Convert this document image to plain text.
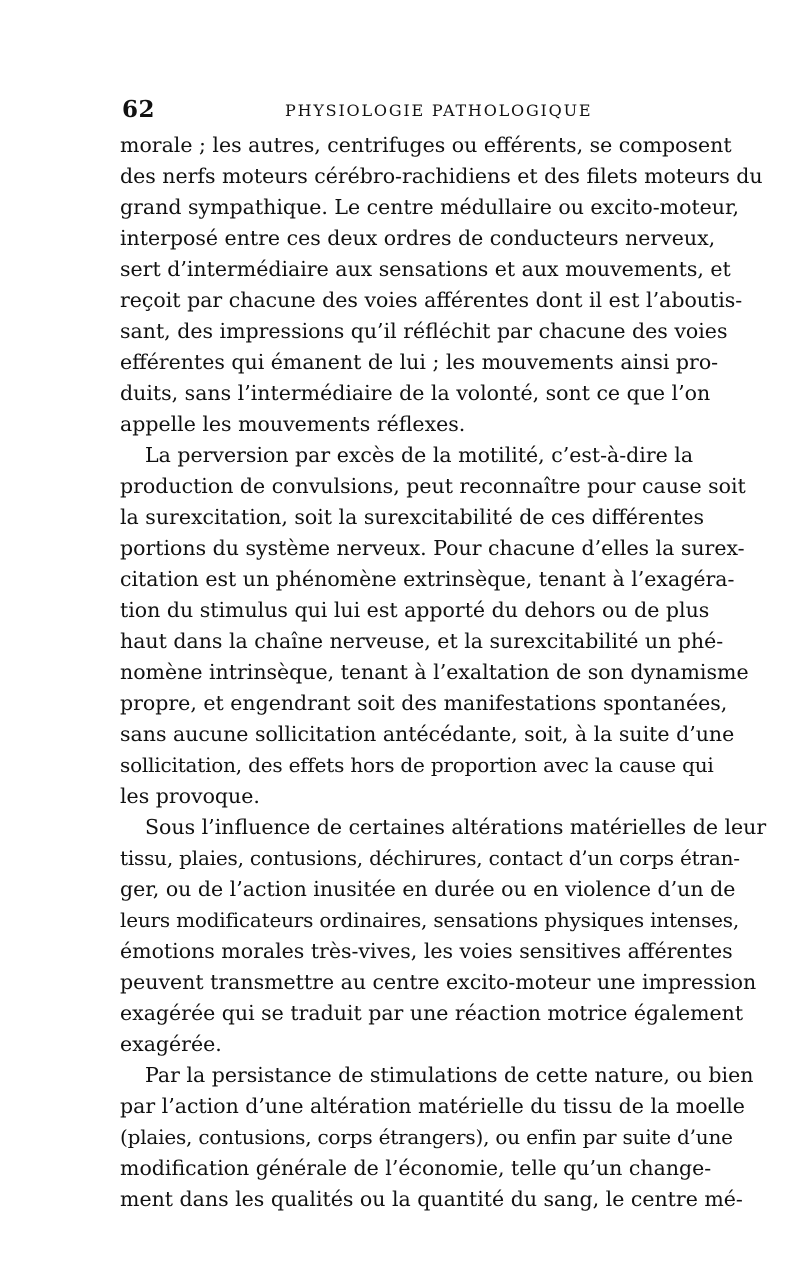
62	PHYSIOLOGIE PATHOLOGIQUE
morale ; les autres, centrifuges ou efférents, se composent
des nerfs moteurs cérébro-rachidiens et des filets moteurs du
grand sympathique. Le centre médullaire ou excito-moteur,
interposé entre ces deux ordres de conducteurs nerveux,
sert d’intermédiaire aux sensations et aux mouvements, et
reçoit par chacune des voies afférentes dont il est l’aboutis-
sant, des impressions qu’il réfléchit par chacune des voies
efférentes qui émanent de lui ; les mouvements ainsi pro-
duits, sans l’intermédiaire de la volonté, sont ce que l’on
appelle les mouvements réflexes.
La perversion par excès de la motilité, c’est-à-dire la
production de convulsions, peut reconnaître pour cause soit
la surexcitation, soit la surexcitabilité de ces différentes
portions du système nerveux. Pour chacune d’elles la surex-
citation est un phénomène extrinsèque, tenant à l’exagéra-
tion du stimulus qui lui est apporté du dehors ou de plus
haut dans la chaîne nerveuse, et la surexcitabilité un phé-
nomène intrinsèque, tenant à l’exaltation de son dynamisme
propre, et engendrant soit des manifestations spontanées,
sans aucune sollicitation antécédante, soit, à la suite d’une
sollicitation, des effets hors de proportion avec la cause qui
les provoque.
Sous l’influence de certaines altérations matérielles de leur
tissu, plaies, contusions, déchirures, contact d’un corps étran-
ger, ou de l’action inusitée en durée ou en violence d’un de
leurs modificateurs ordinaires, sensations physiques intenses,
émotions morales très-vives, les voies sensitives afférentes
peuvent transmettre au centre excito-moteur une impression
exagérée qui se traduit par une réaction motrice également
exagérée.
Par la persistance de stimulations de cette nature, ou bien
par l’action d’une altération matérielle du tissu de la moelle
(plaies, contusions, corps étrangers), ou enfin par suite d’une
modification générale de l’économie, telle qu’un change-
ment dans les qualités ou la quantité du sang, le centre mé-
